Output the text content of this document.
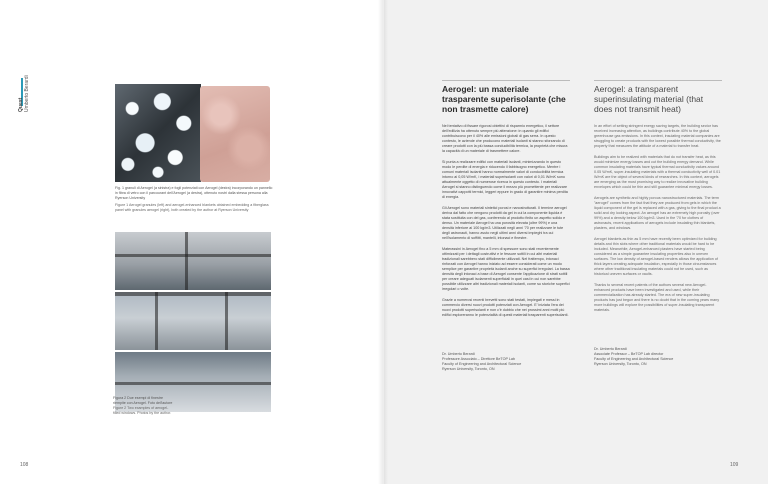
Quest Umberto Berardi
Fig. 1 granuli di Aerogel (a sinistra) e fogli potenziati con Aerogel (destra) incorporando un pannello in fibra di vetro con il parcourant dell'Aerogel (a destra), ottenuto nostri dalla stessa persona alla Ryerson University
Figure 1 Aerogel granules (left) and aerogel-enhanced blankets obtained embedding a fiberglass panel with granules aerogel (right), both created by the author at Ryerson University
Figura 2 Due esempi di finestre riempite con Aerogel. Foto dell'autore
Figure 2 Two examples of aerogel-filled windows. Photos by the author.
108	109
Aerogel: un materiale trasparente superisolante (che non trasmette calore)

Nel tentativo di fissare rigorosi obiettivi di risparmio energetico, il settore dell'edilizia ha ottenuto sempre più attenzione: in quanto gli edifici contribuiscono per il 40% alle emissioni globali di gas serra. In questo contesto, le aziende che producono materiali isolanti si stanno sforzando di creare prodotti con la più bassa conducibilità termica, la proprietà che misura la capacità di un materiale di trasmettere calore.

Si punta a realizzare edifici con materiali isolanti, minimizzando in questo modo le perdite di energia e riducendo il fabbisogno energetico. Mentre i comuni materiali isolanti hanno normalmente valori di conducibilità termica intorno ai 0,05 W/mK, i materiali superisolanti con valori di 0,01 W/mK sono attualmente oggetto di numerose ricerca in questo contesto. I materiali Aerogel si stanno distinguendo come il mezzo più promettente per realizzare innovativi cappotti termici, leggeri eppure in grado di garantire minima perdita di energia.

Gli Aerogel sono materiali sintetici porosi e nanostrutturati. Il termine aerogel deriva dal fatto che vengono prodotti da gel in cui la componente liquida è stata sostituita con del gas, conferendo al prodotto finito un aspetto solido e denso. Un materiale Aerogel ha una porosità elevata (oltre 99%) e una densità inferiore ai 100 kg/m3. Utilizzati negli anni '70 per realizzare le tute degli astronauti, hanno avuto negli ultimi anni diversi impieghi tra cui nell'isolamento di soffitti, mantelli, intonaci e finestre.

Materassini in Aerogel fino a 5 mm di spessore sono stati recentemente ottimizzati per i dettagli costruttivi e le fessure sottili in cui altri materiali tradizionali sarebbero stati difficilmente utilizzati. Nel frattempo, intonaci rinforzati con Aerogel hanno iniziato ad essere considerati come un modo semplice per garantire proprietà isolanti anche su superfici irregolari. La bassa densità degli intonaci a base di Aerogel consente l'applicazione di strati sottili per creare adeguati isolamenti superficiali in quei casi in cui non sarebbe possibile utilizzare altri tradizionali materiali isolanti, come su storiche superfici irregolari o volte.

Grazie a numerosi recenti brevetti sono stati testati, impiegati e messi in commercio diversi nuovi prodotti potenziati con Aerogel. E' iniziata l'era dei nuovi prodotti superisolanti e non c'è dubbio che nei prossimi anni molti più edifici esploreranno le potenzialità di questi materiali trasparenti superisolanti.

Dr. Umberto Berardi
Professore Associato – Direttore BeTOP Lab
Faculty of Engineering and Architectural Science
Ryerson University, Toronto, ON
Aerogel: a transparent superinsulating material (that does not transmit heat)

In an effort of setting stringent energy saving targets, the building sector has received increasing attention, as buildings contribute 40% to the global greenhouse gas emissions. In this context, insulating material companies are struggling to create products with the lowest possible thermal conductivity, the property that measures the attitude of a material to transfer heat.

Buildings aim to be realized with materials that do not transfer heat, as this would minimize energy losses and cut the building energy demand. While common insulating materials have typical thermal conductivity values around 0.05 W/mK, super-insulating materials with a thermal conductivity well of 0.01 W/mK are the object of several kinds of researches. In this context, aerogels are emerging as the most promising way to realize innovative building envelopes which could be thin and still guarantee minimal energy losses.

Aerogels are synthetic and highly porous nanostructured materials. The term "aerogel" comes from the fact that they are produced from gels in which the liquid component of the gel is replaced with a gas, giving to the final product a solid and dry looking aspect. An aerogel has an extremely high porosity (over 99%) and a density below 100 kg/m3. Used in the '70 for clothes of astronauts, recent applications of aerogels include insulating thin blankets, plasters, and windows.

Aerogel blankets as thin as 5 mm have recently been optimized for building details and thin slots where other traditional materials would be hard to be included. Meanwhile, Aerogel-enhanced plasters have started being considered as a simple guarantee insulating properties also in uneven surfaces. The low density of aerogel-based renders allows the application of thick layers creating adequate insulation, especially in those circumstances where other traditional insulating materials could not be used, such as historical uneven surfaces or vaults.

Thanks to several recent patents of the authors several new Aerogel-enhanced products have been investigated and used, while their commercialization has already started. The era of new super-insulating products has just begun and there is no doubt that in the coming years many more buildings will explore the possibilities of super-insulating transparent materials.

Dr. Umberto Berardi
Associate Professor – BeTOP Lab director
Faculty of Engineering and Architectural Science
Ryerson University, Toronto, ON
